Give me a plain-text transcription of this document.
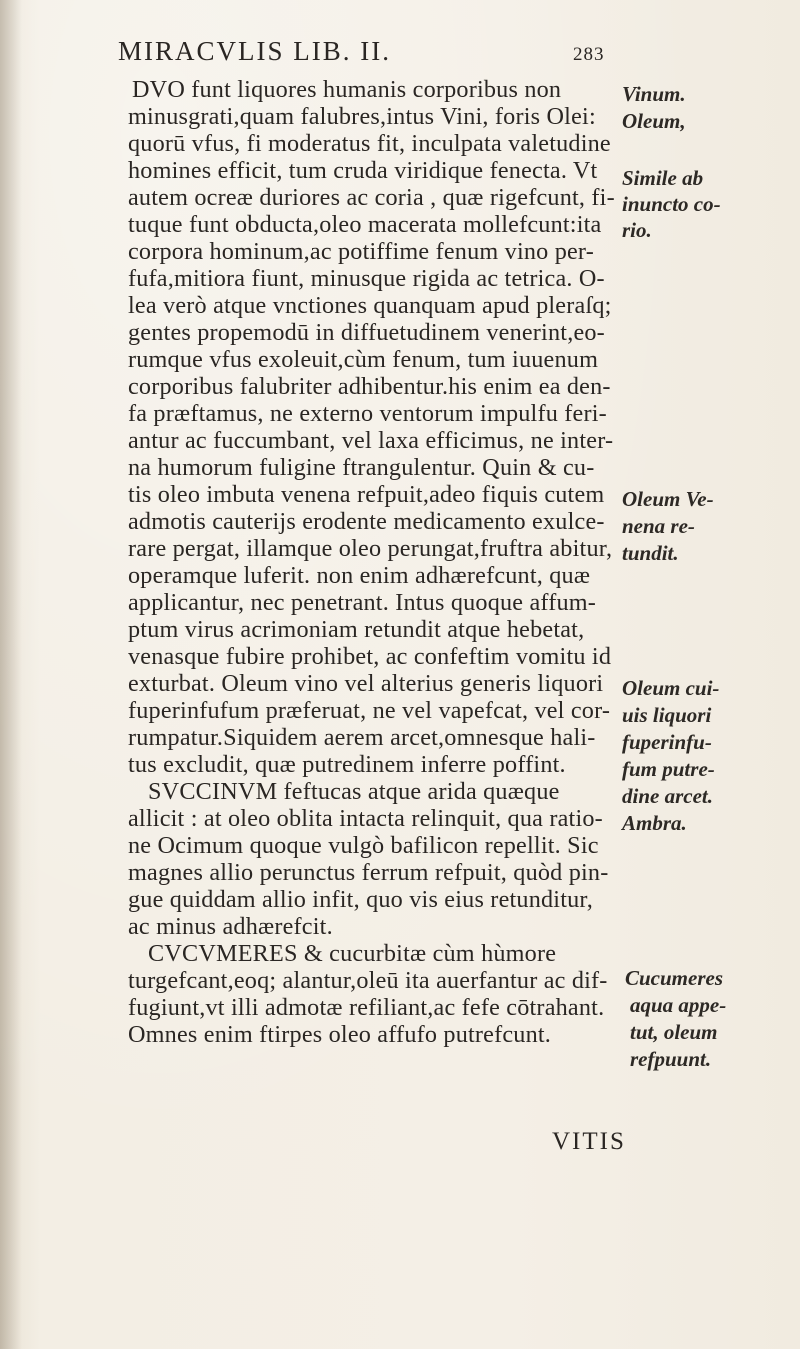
MIRACVLIS LIB. II.	283
DVO funt liquores humanis corporibus non
minusgrati,quam falubres,intus Vini, foris Olei:
quorū vfus, fi moderatus fit, inculpata valetudine
homines efficit, tum cruda viridique fenecta. Vt
autem ocreæ duriores ac coria , quæ rigefcunt, fi-
tuque funt obducta,oleo macerata mollefcunt:ita
corpora hominum,ac potiffime fenum vino per-
fufa,mitiora fiunt, minusque rigida ac tetrica. O-
lea verò atque vnctiones quanquam apud pleraſq;
gentes propemodū in diffuetudinem venerint,eo-
rumque vfus exoleuit,cùm fenum, tum iuuenum
corporibus falubriter adhibentur.his enim ea den-
fa præftamus, ne externo ventorum impulfu feri-
antur ac fuccumbant, vel laxa efficimus, ne inter-
na humorum fuligine ftrangulentur. Quin & cu-
tis oleo imbuta venena refpuit,adeo fiquis cutem
admotis cauterijs erodente medicamento exulce-
rare pergat, illamque oleo perungat,fruftra abitur,
operamque luferit. non enim adhærefcunt, quæ
applicantur, nec penetrant. Intus quoque affum-
ptum virus acrimoniam retundit atque hebetat,
venasque fubire prohibet, ac confeftim vomitu id
exturbat. Oleum vino vel alterius generis liquori
fuperinfufum præferuat, ne vel vapefcat, vel cor-
rumpatur.Siquidem aerem arcet,omnesque hali-
tus excludit, quæ putredinem inferre poffint.
SVCCINVM feftucas atque arida quæque
allicit : at oleo oblita intacta relinquit, qua ratio-
ne Ocimum quoque vulgò bafilicon repellit. Sic
magnes allio perunctus ferrum refpuit, quòd pin-
gue quiddam allio infit, quo vis eius retunditur,
ac minus adhærefcit.
CVCVMERES & cucurbitæ cùm hùmore
turgefcant,eoq; alantur,oleū ita auerfantur ac dif-
fugiunt,vt illi admotæ refiliant,ac fefe cōtrahant.
Omnes enim ftirpes oleo affufo putrefcunt.
Vinum.
Oleum,
Simile ab
inuncto co-
rio.
Oleum Ve-
nena re-
tundit.
Oleum cui-
uis liquori
fuperinfu-
fum putre-
dine arcet.
Ambra.
Cucumeres
aqua appe-
tut, oleum
refpuunt.
VITIS
